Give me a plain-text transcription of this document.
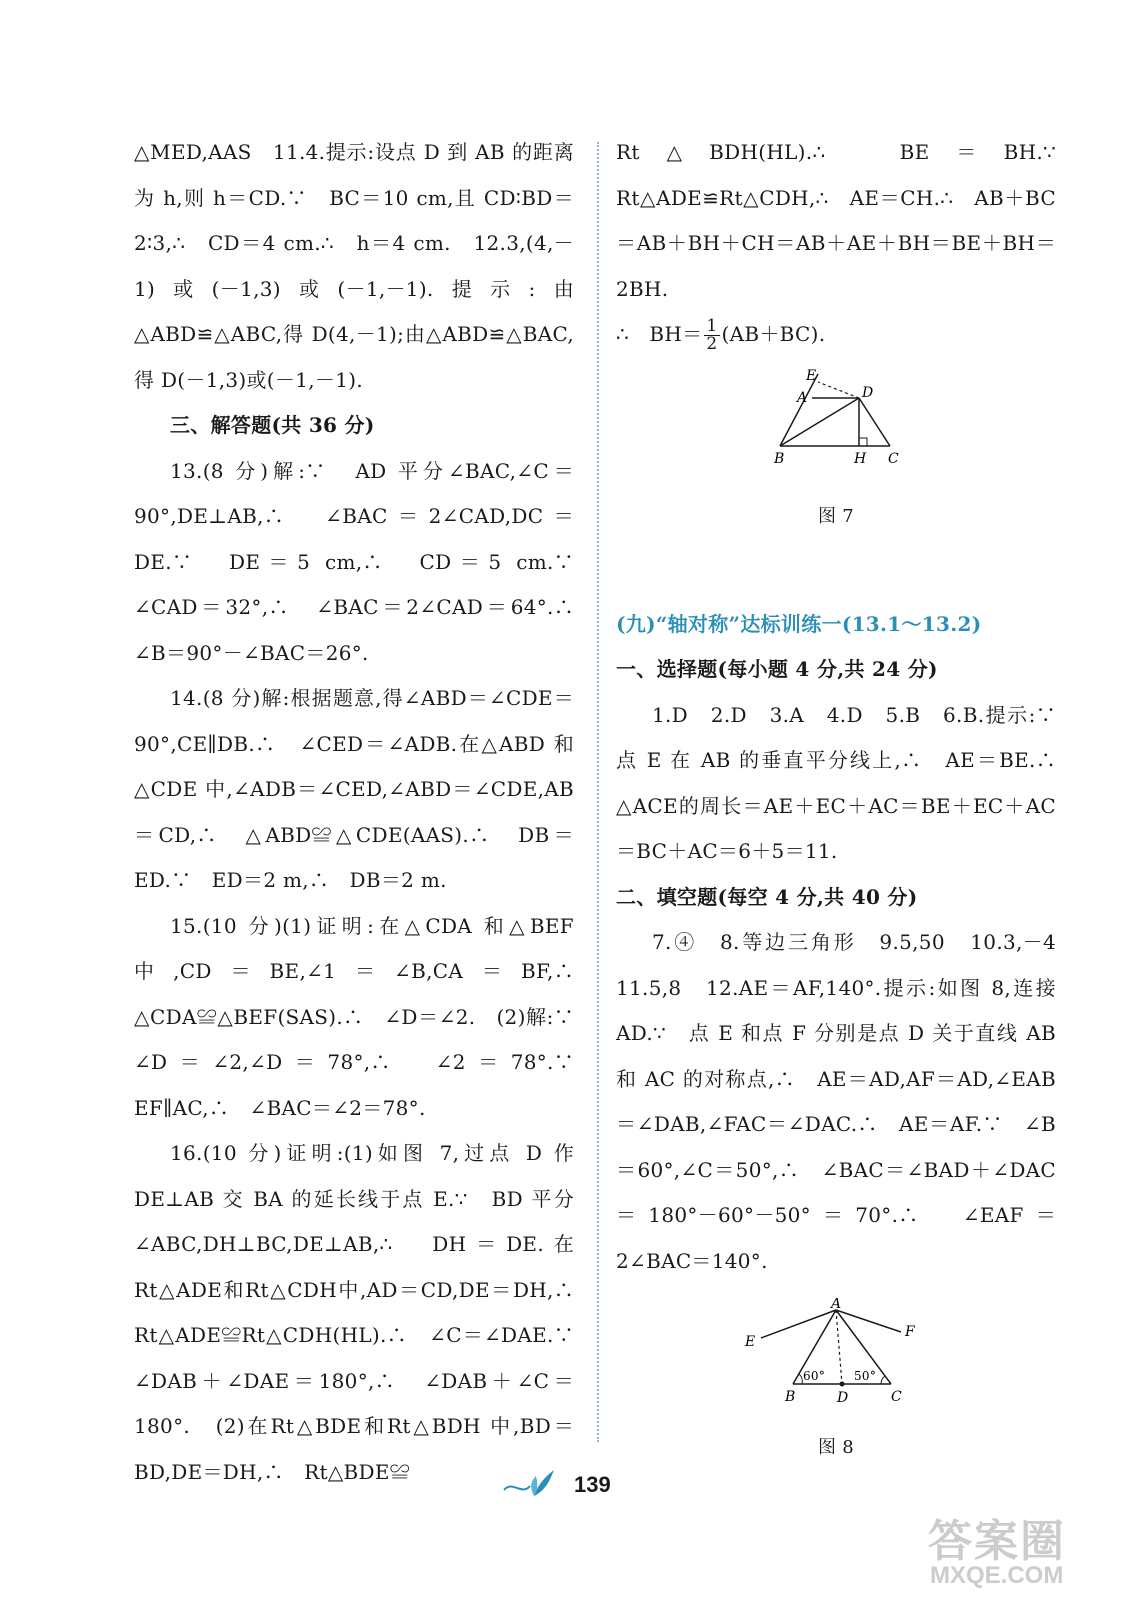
△MED,AAS　11.4.提示:设点 D 到 AB 的距离为 h,则 h＝CD.∵　BC＝10 cm,且 CD∶BD＝2∶3,∴　CD＝4 cm.∴　h＝4 cm.　12.3,(4,－1)或(－1,3)或(－1,－1).提示:由△ABD≌△ABC,得 D(4,－1);由△ABD≌△BAC,得 D(－1,3)或(－1,－1).

三、解答题(共 36 分)

13.(8 分)解:∵　AD 平分∠BAC,∠C＝90°,DE⊥AB,∴　∠BAC＝2∠CAD,DC＝DE.∵　DE＝5 cm,∴　CD＝5 cm.∵　∠CAD＝32°,∴　∠BAC＝2∠CAD＝64°.∴　∠B＝90°－∠BAC＝26°.

14.(8 分)解:根据题意,得∠ABD＝∠CDE＝90°,CE∥DB.∴　∠CED＝∠ADB.在△ABD 和△CDE 中,∠ADB＝∠CED,∠ABD＝∠CDE,AB＝CD,∴　△ABD≌△CDE(AAS).∴　DB＝ED.∵　ED＝2 m,∴　DB＝2 m.

15.(10 分)(1)证明:在△CDA 和△BEF 中,CD＝BE,∠1＝∠B,CA＝BF,∴　△CDA≌△BEF(SAS).∴　∠D＝∠2.　(2)解:∵　∠D＝∠2,∠D＝78°,∴　∠2＝78°.∵　EF∥AC,∴　∠BAC＝∠2＝78°.

16.(10 分)证明:(1)如图 7,过点 D 作 DE⊥AB 交 BA 的延长线于点 E.∵　BD 平分∠ABC,DH⊥BC,DE⊥AB,∴　DH＝DE.在Rt△ADE和Rt△CDH中,AD＝CD,DE＝DH,∴　Rt△ADE≌Rt△CDH(HL).∴　∠C＝∠DAE.∵　∠DAB＋∠DAE＝180°,∴　∠DAB＋∠C＝180°.　(2)在Rt△BDE和Rt△BDH 中,BD＝BD,DE＝DH,∴　Rt△BDE≌

Rt△BDH(HL).∴　BE＝BH.∵　Rt△ADE≌Rt△CDH,∴　AE＝CH.∴　AB＋BC＝AB＋BH＋CH＝AB＋AE＋BH＝BE＋BH＝2BH.

∴　$BH= \frac{1}{2} (AB+BC)$.

E
A	D
B	H C
图 7

(九)“轴对称”达标训练一(13.1～13.2)

一、选择题(每小题 4 分,共 24 分)

1.D　2.D　3.A　4.D　5.B　6.B.提示:∵　点 E 在 AB 的垂直平分线上,∴　AE＝BE.∴　△ACE的周长＝AE＋EC＋AC＝BE＋EC＋AC＝BC＋AC＝6＋5＝11.

二、填空题(每空 4 分,共 40 分)

7.④　8.等边三角形　9.5,50　10.3,－4　11.5,8　12.AE＝AF,140°.提示:如图 8,连接 AD.∵　点 E 和点 F 分别是点 D 关于直线 AB 和 AC 的对称点,∴　AE＝AD,AF＝AD,∠EAB＝∠DAB,∠FAC＝∠DAC.∴　AE＝AF.∵　∠B＝60°,∠C＝50°,∴　∠BAC＝∠BAD＋∠DAC＝180°－60°－50°＝70°.∴　∠EAF＝2∠BAC＝140°.

A
E
F
B	D	C
60° 50°
图 8
139
答案圈
MXQE.COM
